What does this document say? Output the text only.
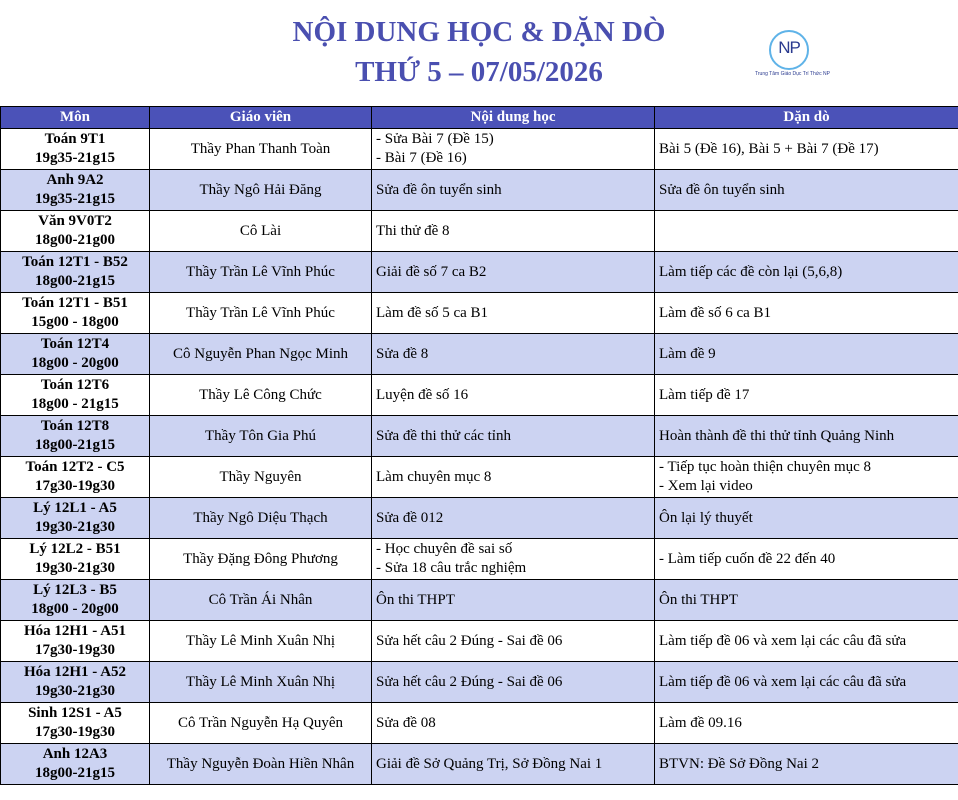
NỘI DUNG HỌC & DẶN DÒ
THỨ 5 – 07/05/2026
NP
Trung Tâm Giáo Dục Trí Thức NP
Môn	Giáo viên	Nội dung học	Dặn dò

Toán 9T1
19g35-21g15	Thầy Phan Thanh Toàn	- Sửa Bài 7 (Đề 15)
- Bài 7 (Đề 16)	Bài 5 (Đề 16), Bài 5 + Bài 7 (Đề 17)

Anh 9A2
19g35-21g15	Thầy Ngô Hải Đăng	Sửa đề ôn tuyển sinh	Sửa đề ôn tuyển sinh

Văn 9V0T2
18g00-21g00	Cô Lài	Thi thử đề 8	

Toán 12T1 - B52
18g00-21g15	Thầy Trần Lê Vĩnh Phúc	Giải đề số 7 ca B2	Làm tiếp các đề còn lại (5,6,8)

Toán 12T1 - B51
15g00 - 18g00	Thầy Trần Lê Vĩnh Phúc	Làm đề số 5 ca B1	Làm đề số 6 ca B1

Toán 12T4
18g00 - 20g00	Cô Nguyễn Phan Ngọc Minh	Sửa đề 8	Làm đề 9

Toán 12T6
18g00 - 21g15	Thầy Lê Công Chức	Luyện đề số 16	Làm tiếp đề 17

Toán 12T8
18g00-21g15	Thầy Tôn Gia Phú	Sửa đề thi thử các tỉnh	Hoàn thành đề thi thử tỉnh Quảng Ninh

Toán 12T2 - C5
17g30-19g30	Thầy Nguyên	Làm chuyên mục 8	- Tiếp tục hoàn thiện chuyên mục 8
- Xem lại video

Lý 12L1 - A5
19g30-21g30	Thầy Ngô Diệu Thạch	Sửa đề 012	Ôn lại lý thuyết

Lý 12L2 - B51
19g30-21g30	Thầy Đặng Đông Phương	- Học chuyên đề sai số
- Sửa 18 câu trắc nghiệm	- Làm tiếp cuốn đề 22 đến 40

Lý 12L3 - B5
18g00 - 20g00	Cô Trần Ái Nhân	Ôn thi THPT	Ôn thi THPT

Hóa 12H1 - A51
17g30-19g30	Thầy Lê Minh Xuân Nhị	Sửa hết câu 2 Đúng - Sai đề 06	Làm tiếp đề 06 và xem lại các câu đã sửa

Hóa 12H1 - A52
19g30-21g30	Thầy Lê Minh Xuân Nhị	Sửa hết câu 2 Đúng - Sai đề 06	Làm tiếp đề 06 và xem lại các câu đã sửa

Sinh 12S1 - A5
17g30-19g30	Cô Trần Nguyễn Hạ Quyên	Sửa đề 08	Làm đề 09.16

Anh 12A3
18g00-21g15	Thầy Nguyễn Đoàn Hiền Nhân	Giải đề Sở Quảng Trị, Sở Đồng Nai 1	BTVN: Đề Sở Đồng Nai 2
